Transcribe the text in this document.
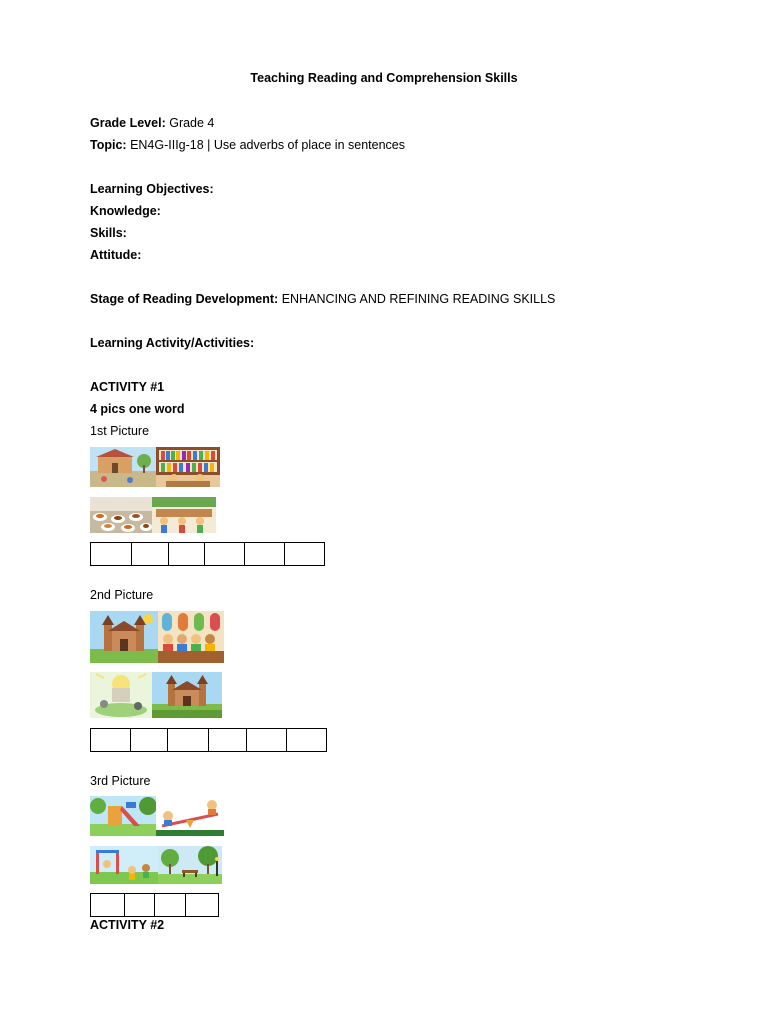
Teaching Reading and Comprehension Skills
Grade Level: Grade 4
Topic: EN4G-IIIg-18 | Use adverbs of place in sentences
Learning Objectives:
Knowledge:
Skills:
Attitude:
Stage of Reading Development: ENHANCING AND REFINING READING SKILLS
Learning Activity/Activities:
ACTIVITY #1
4 pics one word
1st Picture
2nd Picture
3rd Picture
ACTIVITY #2
